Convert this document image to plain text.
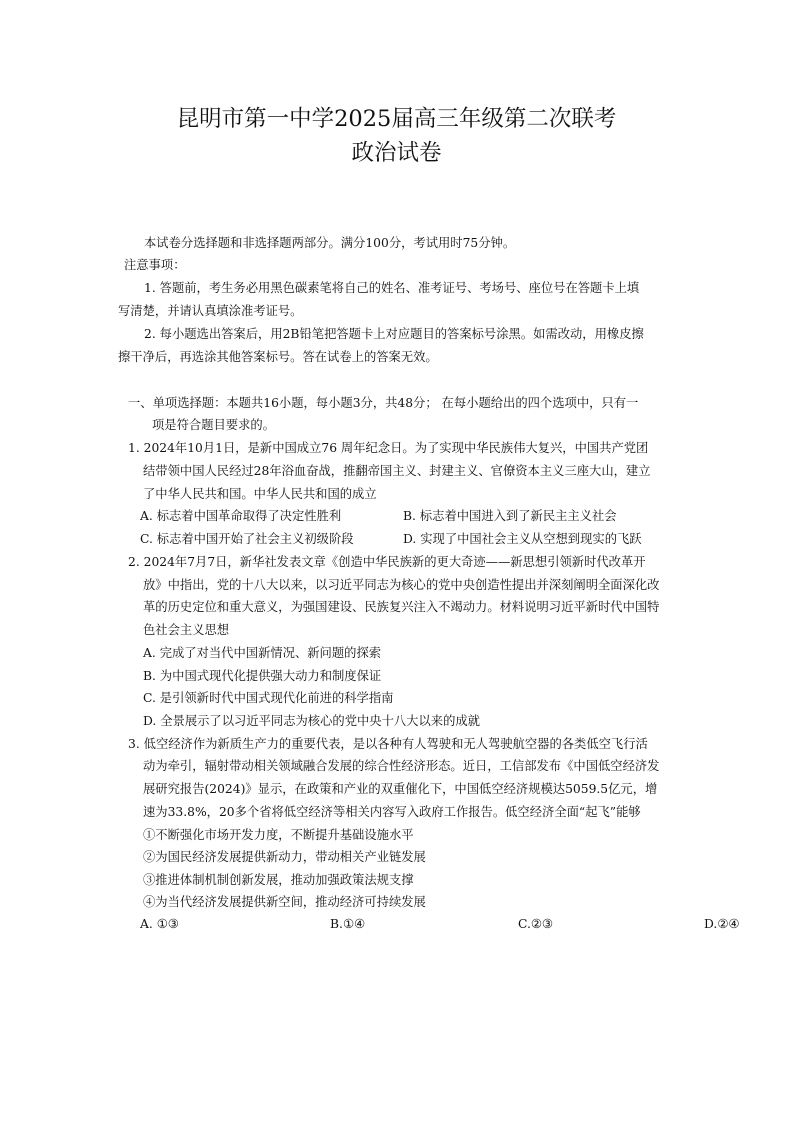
昆明市第一中学2025届高三年级第二次联考
政治试卷
本试卷分选择题和非选择题两部分。满分100分，考试用时75分钟。
注意事项：
1. 答题前，考生务必用黑色碳素笔将自己的姓名、准考证号、考场号、座位号在答题卡上填
写清楚，并请认真填涂准考证号。
2. 每小题选出答案后，用2B铅笔把答题卡上对应题目的答案标号涂黑。如需改动，用橡皮擦
擦干净后，再选涂其他答案标号。答在试卷上的答案无效。
一、单项选择题：本题共16小题，每小题3分，共48分； 在每小题给出的四个选项中，只有一
项是符合题目要求的。
1. 2024年10月1日，是新中国成立76 周年纪念日。为了实现中华民族伟大复兴，中国共产党团
结带领中国人民经过28年浴血奋战，推翻帝国主义、封建主义、官僚资本主义三座大山，建立
了中华人民共和国。中华人民共和国的成立
A. 标志着中国革命取得了决定性胜利	B. 标志着中国进入到了新民主主义社会
C. 标志着中国开始了社会主义初级阶段	D. 实现了中国社会主义从空想到现实的飞跃
2. 2024年7月7日，新华社发表文章《创造中华民族新的更大奇迹——新思想引领新时代改革开
放》中指出，党的十八大以来，以习近平同志为核心的党中央创造性提出并深刻阐明全面深化改
革的历史定位和重大意义，为强国建设、民族复兴注入不竭动力。材料说明习近平新时代中国特
色社会主义思想
A. 完成了对当代中国新情况、新问题的探索
B. 为中国式现代化提供强大动力和制度保证
C. 是引领新时代中国式现代化前进的科学指南
D. 全景展示了以习近平同志为核心的党中央十八大以来的成就
3. 低空经济作为新质生产力的重要代表，是以各种有人驾驶和无人驾驶航空器的各类低空飞行活
动为牵引，辐射带动相关领域融合发展的综合性经济形态。近日，工信部发布《中国低空经济发
展研究报告(2024)》显示，在政策和产业的双重催化下，中国低空经济规模达5059.5亿元，增
速为33.8%，20多个省将低空经济等相关内容写入政府工作报告。低空经济全面“起飞”能够
①不断强化市场开发力度，不断提升基础设施水平
②为国民经济发展提供新动力，带动相关产业链发展
③推进体制机制创新发展，推动加强政策法规支撑
④为当代经济发展提供新空间，推动经济可持续发展
A. ①③	B.①④	C.②③	D.②④
